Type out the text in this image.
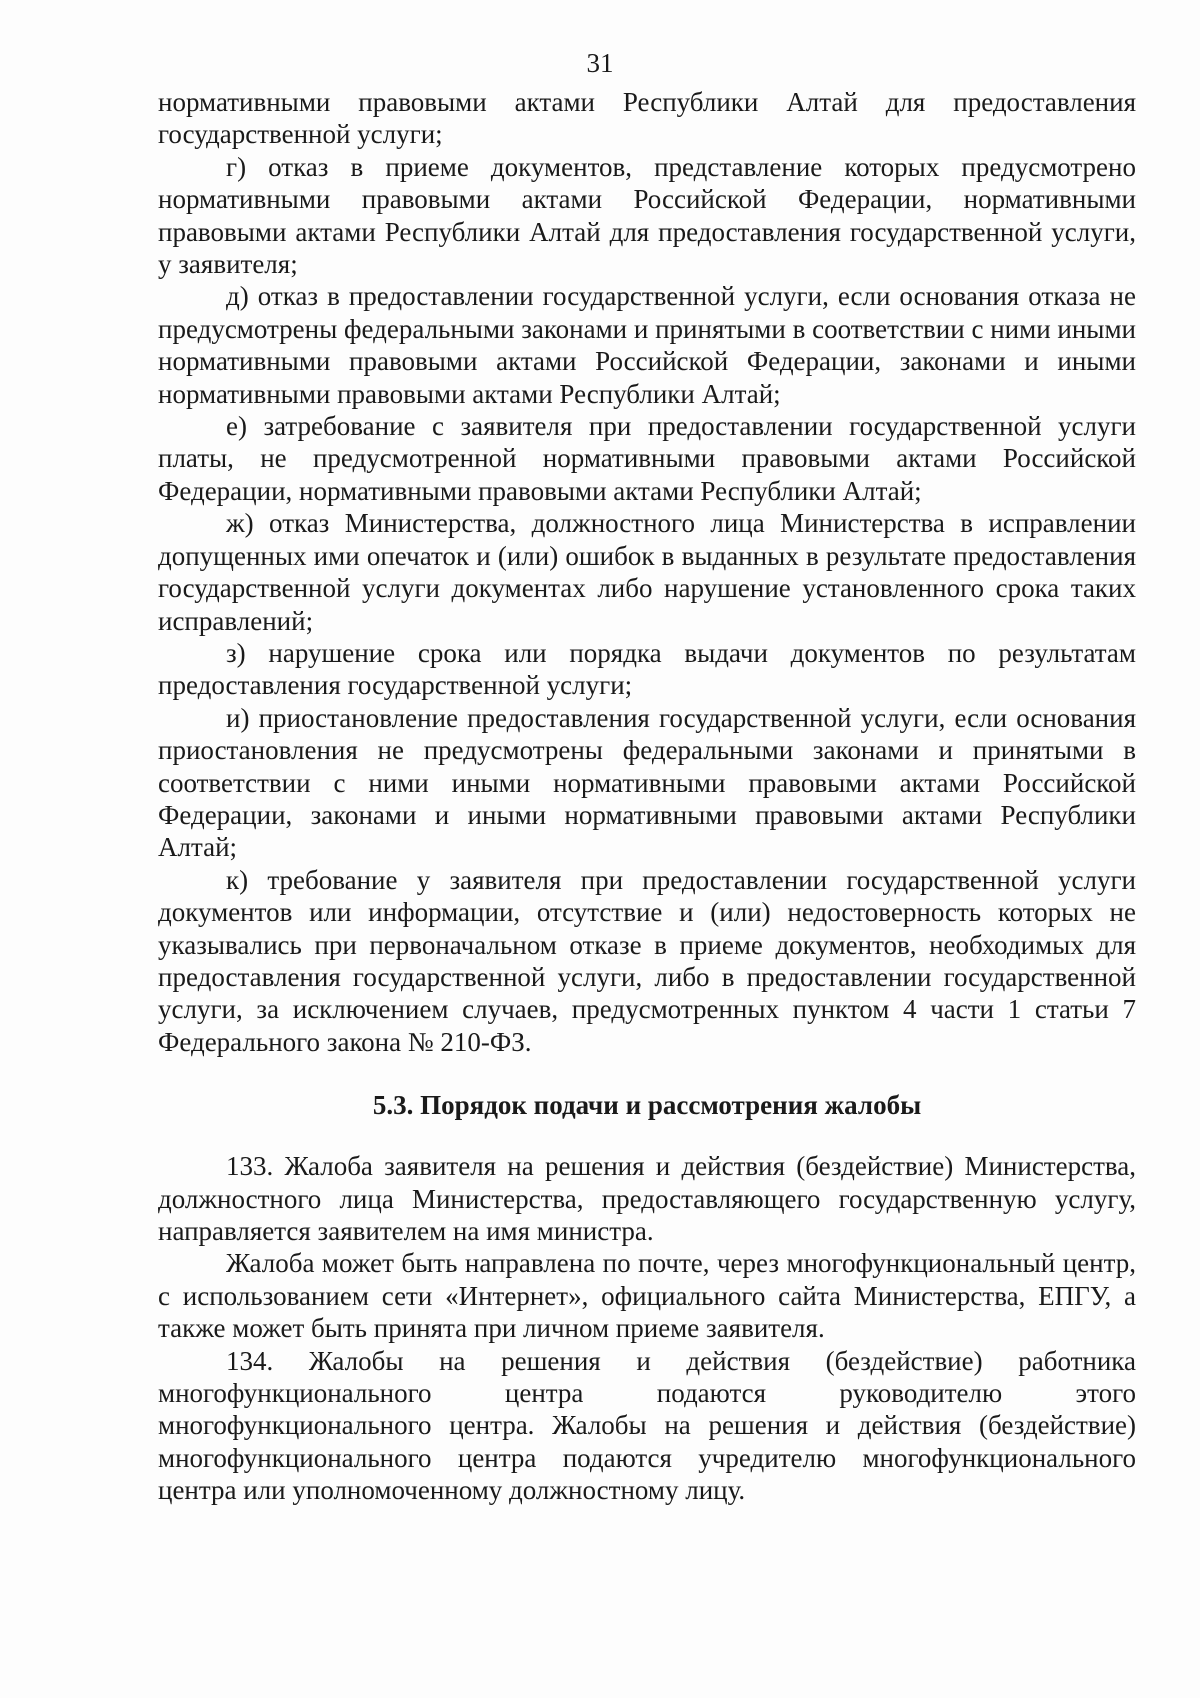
31

нормативными правовыми актами Республики Алтай для предоставления государственной услуги;

г) отказ в приеме документов, представление которых предусмотрено нормативными правовыми актами Российской Федерации, нормативными правовыми актами Республики Алтай для предоставления государственной услуги, у заявителя;

д) отказ в предоставлении государственной услуги, если основания отказа не предусмотрены федеральными законами и принятыми в соответствии с ними иными нормативными правовыми актами Российской Федерации, законами и иными нормативными правовыми актами Республики Алтай;

е) затребование с заявителя при предоставлении государственной услуги платы, не предусмотренной нормативными правовыми актами Российской Федерации, нормативными правовыми актами Республики Алтай;

ж) отказ Министерства, должностного лица Министерства в исправлении допущенных ими опечаток и (или) ошибок в выданных в результате предоставления государственной услуги документах либо нарушение установленного срока таких исправлений;

з) нарушение срока или порядка выдачи документов по результатам предоставления государственной услуги;

и) приостановление предоставления государственной услуги, если основания приостановления не предусмотрены федеральными законами и принятыми в соответствии с ними иными нормативными правовыми актами Российской Федерации, законами и иными нормативными правовыми актами Республики Алтай;

к) требование у заявителя при предоставлении государственной услуги документов или информации, отсутствие и (или) недостоверность которых не указывались при первоначальном отказе в приеме документов, необходимых для предоставления государственной услуги, либо в предоставлении государственной услуги, за исключением случаев, предусмотренных пунктом 4 части 1 статьи 7 Федерального закона № 210-ФЗ.

5.3. Порядок подачи и рассмотрения жалобы

133. Жалоба заявителя на решения и действия (бездействие) Министерства, должностного лица Министерства, предоставляющего государственную услугу, направляется заявителем на имя министра.

Жалоба может быть направлена по почте, через многофункциональный центр, с использованием сети «Интернет», официального сайта Министерства, ЕПГУ, а также может быть принята при личном приеме заявителя.

134. Жалобы на решения и действия (бездействие) работника многофункционального центра подаются руководителю этого многофункционального центра. Жалобы на решения и действия (бездействие) многофункционального центра подаются учредителю многофункционального центра или уполномоченному должностному лицу.
